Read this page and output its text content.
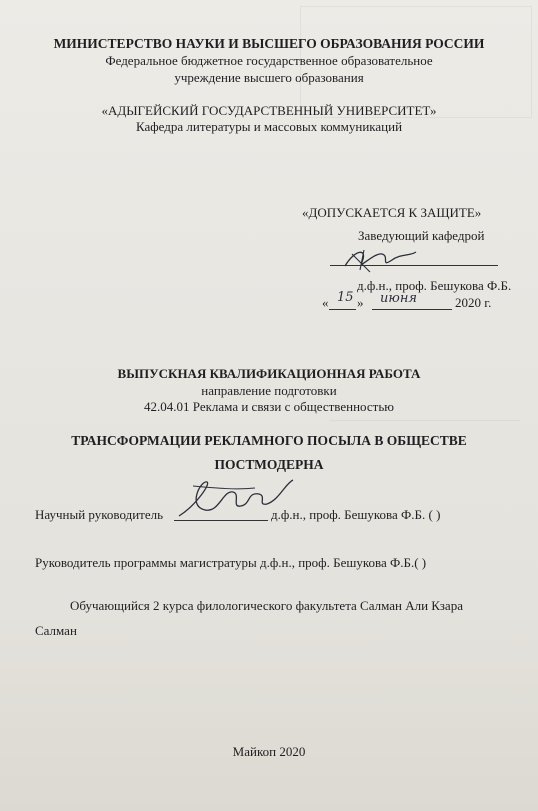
МИНИСТЕРСТВО НАУКИ И ВЫСШЕГО ОБРАЗОВАНИЯ РОССИИ
Федеральное бюджетное государственное образовательное
учреждение высшего образования
«АДЫГЕЙСКИЙ ГОСУДАРСТВЕННЫЙ УНИВЕРСИТЕТ»
Кафедра литературы и массовых коммуникаций
«ДОПУСКАЕТСЯ К ЗАЩИТЕ»
Заведующий кафедрой
д.ф.н., проф. Бешукова Ф.Б.
« 15 » июня	2020 г.
ВЫПУСКНАЯ КВАЛИФИКАЦИОННАЯ РАБОТА
направление подготовки
42.04.01 Реклама и связи с общественностью
ТРАНСФОРМАЦИИ РЕКЛАМНОГО ПОСЫЛА В ОБЩЕСТВЕ
ПОСТМОДЕРНА
Научный руководитель	д.ф.н., проф. Бешукова Ф.Б. ( )
Руководитель программы магистратуры д.ф.н., проф. Бешукова Ф.Б.( )
Обучающийся 2 курса филологического факультета Салман Али Кзара
Салман
Майкоп 2020
